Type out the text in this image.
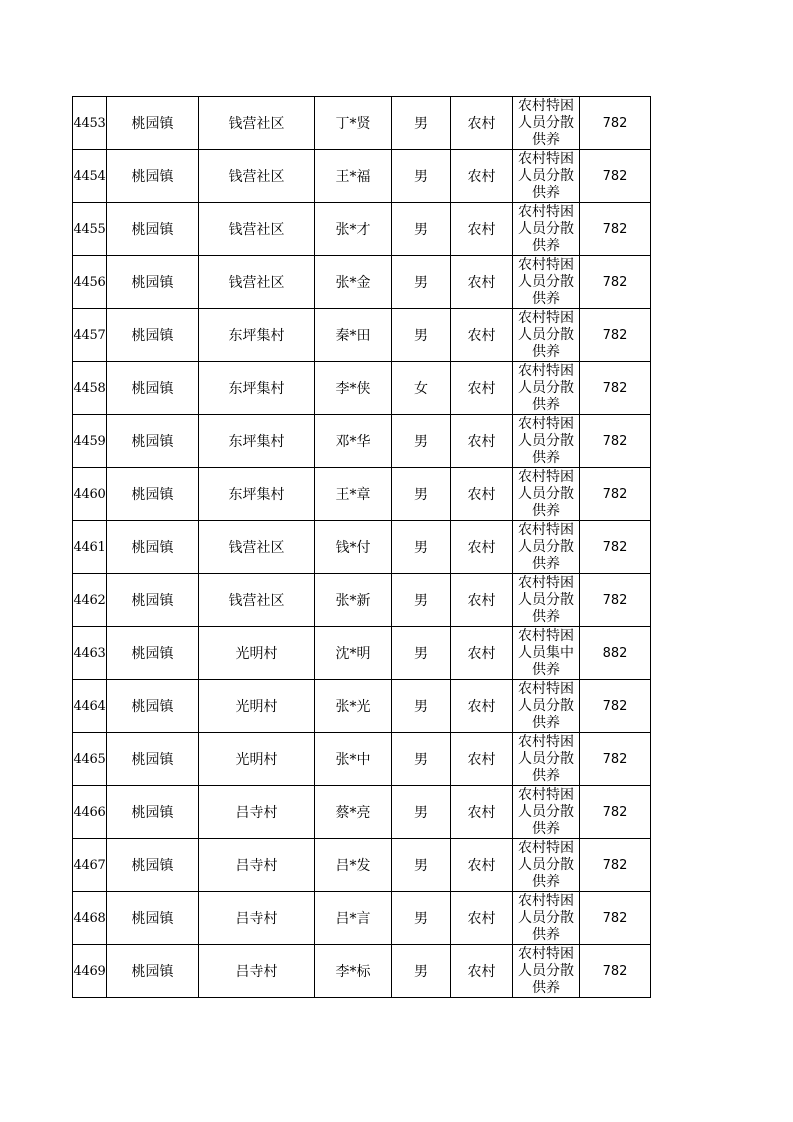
4453	桃园镇	钱营社区	丁*贤	男	农村	农村特困人员分散供养	782
4454	桃园镇	钱营社区	王*福	男	农村	农村特困人员分散供养	782
4455	桃园镇	钱营社区	张*才	男	农村	农村特困人员分散供养	782
4456	桃园镇	钱营社区	张*金	男	农村	农村特困人员分散供养	782
4457	桃园镇	东坪集村	秦*田	男	农村	农村特困人员分散供养	782
4458	桃园镇	东坪集村	李*侠	女	农村	农村特困人员分散供养	782
4459	桃园镇	东坪集村	邓*华	男	农村	农村特困人员分散供养	782
4460	桃园镇	东坪集村	王*章	男	农村	农村特困人员分散供养	782
4461	桃园镇	钱营社区	钱*付	男	农村	农村特困人员分散供养	782
4462	桃园镇	钱营社区	张*新	男	农村	农村特困人员分散供养	782
4463	桃园镇	光明村	沈*明	男	农村	农村特困人员集中供养	882
4464	桃园镇	光明村	张*光	男	农村	农村特困人员分散供养	782
4465	桃园镇	光明村	张*中	男	农村	农村特困人员分散供养	782
4466	桃园镇	吕寺村	蔡*亮	男	农村	农村特困人员分散供养	782
4467	桃园镇	吕寺村	吕*发	男	农村	农村特困人员分散供养	782
4468	桃园镇	吕寺村	吕*言	男	农村	农村特困人员分散供养	782
4469	桃园镇	吕寺村	李*标	男	农村	农村特困人员分散供养	782
